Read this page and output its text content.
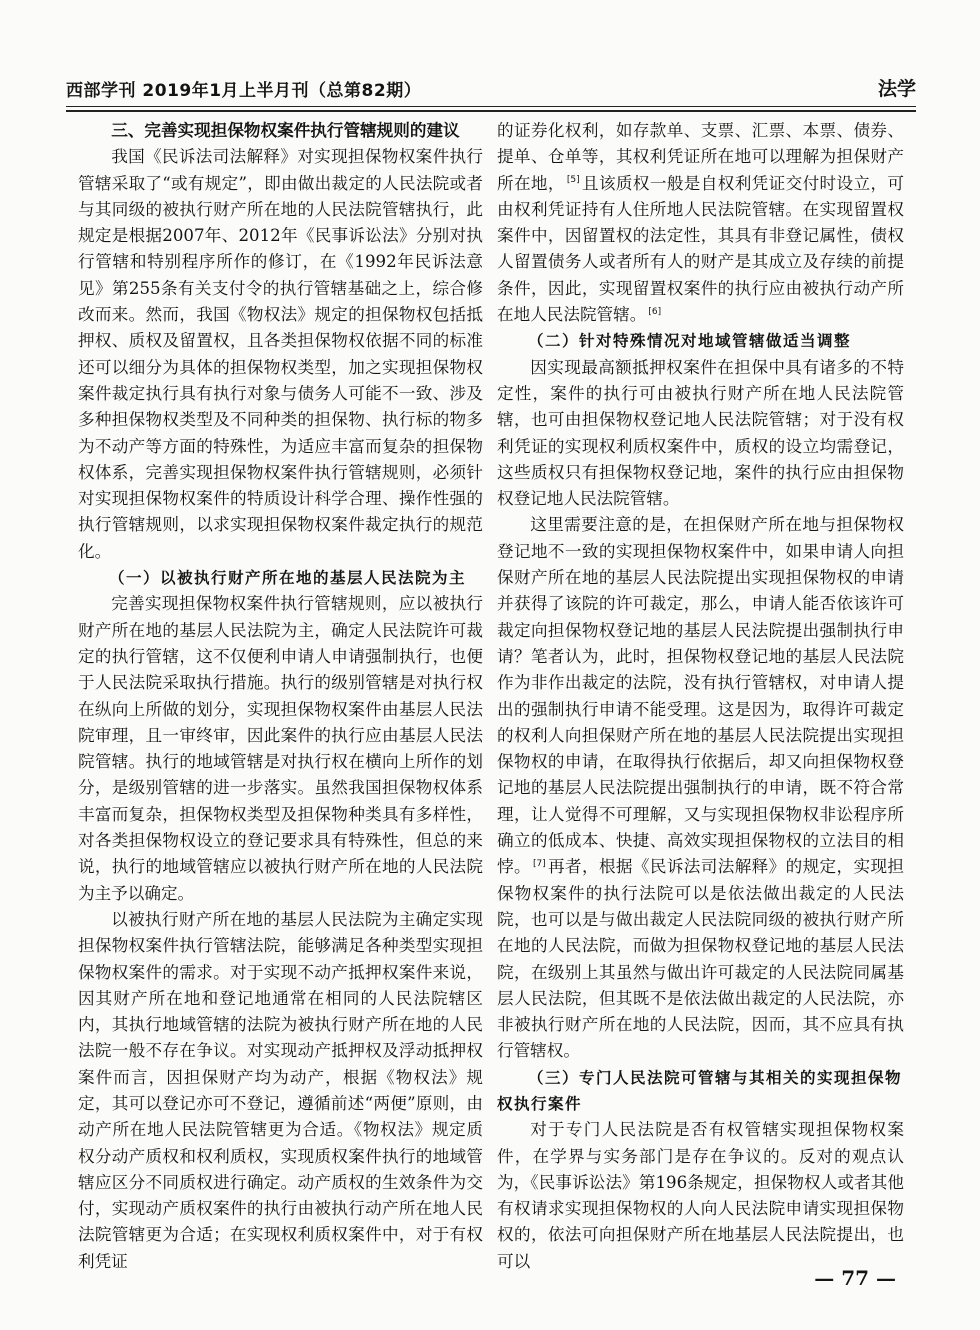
西部学刊 2019年1月上半月刊（总第82期）	法学
三、完善实现担保物权案件执行管辖规则的建议

我国《民诉法司法解释》对实现担保物权案件执行管辖采取了“或有规定”，即由做出裁定的人民法院或者与其同级的被执行财产所在地的人民法院管辖执行，此规定是根据2007年、2012年《民事诉讼法》分别对执行管辖和特别程序所作的修订，在《1992年民诉法意见》第255条有关支付令的执行管辖基础之上，综合修改而来。然而，我国《物权法》规定的担保物权包括抵押权、质权及留置权，且各类担保物权依据不同的标准还可以细分为具体的担保物权类型，加之实现担保物权案件裁定执行具有执行对象与债务人可能不一致、涉及多种担保物权类型及不同种类的担保物、执行标的物多为不动产等方面的特殊性，为适应丰富而复杂的担保物权体系，完善实现担保物权案件执行管辖规则，必须针对实现担保物权案件的特质设计科学合理、操作性强的执行管辖规则，以求实现担保物权案件裁定执行的规范化。

（一）以被执行财产所在地的基层人民法院为主

完善实现担保物权案件执行管辖规则，应以被执行财产所在地的基层人民法院为主，确定人民法院许可裁定的执行管辖，这不仅便利申请人申请强制执行，也便于人民法院采取执行措施。执行的级别管辖是对执行权在纵向上所做的划分，实现担保物权案件由基层人民法院审理，且一审终审，因此案件的执行应由基层人民法院管辖。执行的地域管辖是对执行权在横向上所作的划分，是级别管辖的进一步落实。虽然我国担保物权体系丰富而复杂，担保物权类型及担保物种类具有多样性，对各类担保物权设立的登记要求具有特殊性，但总的来说，执行的地域管辖应以被执行财产所在地的人民法院为主予以确定。

以被执行财产所在地的基层人民法院为主确定实现担保物权案件执行管辖法院，能够满足各种类型实现担保物权案件的需求。对于实现不动产抵押权案件来说，因其财产所在地和登记地通常在相同的人民法院辖区内，其执行地域管辖的法院为被执行财产所在地的人民法院一般不存在争议。对实现动产抵押权及浮动抵押权案件而言，因担保财产均为动产，根据《物权法》规定，其可以登记亦可不登记，遵循前述“两便”原则，由动产所在地人民法院管辖更为合适。《物权法》规定质权分动产质权和权利质权，实现质权案件执行的地域管辖应区分不同质权进行确定。动产质权的生效条件为交付，实现动产质权案件的执行由被执行动产所在地人民法院管辖更为合适；在实现权利质权案件中，对于有权利凭证

的证券化权利，如存款单、支票、汇票、本票、债券、提单、仓单等，其权利凭证所在地可以理解为担保财产所在地， [5] 且该质权一般是自权利凭证交付时设立，可由权利凭证持有人住所地人民法院管辖。在实现留置权案件中，因留置权的法定性，其具有非登记属性，债权人留置债务人或者所有人的财产是其成立及存续的前提条件，因此，实现留置权案件的执行应由被执行动产所在地人民法院管辖。 [6]

（二）针对特殊情况对地域管辖做适当调整

因实现最高额抵押权案件在担保中具有诸多的不特定性，案件的执行可由被执行财产所在地人民法院管辖，也可由担保物权登记地人民法院管辖；对于没有权利凭证的实现权利质权案件中，质权的设立均需登记，这些质权只有担保物权登记地，案件的执行应由担保物权登记地人民法院管辖。

这里需要注意的是，在担保财产所在地与担保物权登记地不一致的实现担保物权案件中，如果申请人向担保财产所在地的基层人民法院提出实现担保物权的申请并获得了该院的许可裁定，那么，申请人能否依该许可裁定向担保物权登记地的基层人民法院提出强制执行申请？笔者认为，此时，担保物权登记地的基层人民法院作为非作出裁定的法院，没有执行管辖权，对申请人提出的强制执行申请不能受理。这是因为，取得许可裁定的权利人向担保财产所在地的基层人民法院提出实现担保物权的申请，在取得执行依据后，却又向担保物权登记地的基层人民法院提出强制执行的申请，既不符合常理，让人觉得不可理解，又与实现担保物权非讼程序所确立的低成本、快捷、高效实现担保物权的立法目的相悖。 [7] 再者，根据《民诉法司法解释》的规定，实现担保物权案件的执行法院可以是依法做出裁定的人民法院，也可以是与做出裁定人民法院同级的被执行财产所在地的人民法院，而做为担保物权登记地的基层人民法院，在级别上其虽然与做出许可裁定的人民法院同属基层人民法院，但其既不是依法做出裁定的人民法院，亦非被执行财产所在地的人民法院，因而，其不应具有执行管辖权。

（三）专门人民法院可管辖与其相关的实现担保物权执行案件

对于专门人民法院是否有权管辖实现担保物权案件，在学界与实务部门是存在争议的。反对的观点认为，《民事诉讼法》第196条规定，担保物权人或者其他有权请求实现担保物权的人向人民法院申请实现担保物权的，依法可向担保财产所在地基层人民法院提出，也可以

— 77 —
